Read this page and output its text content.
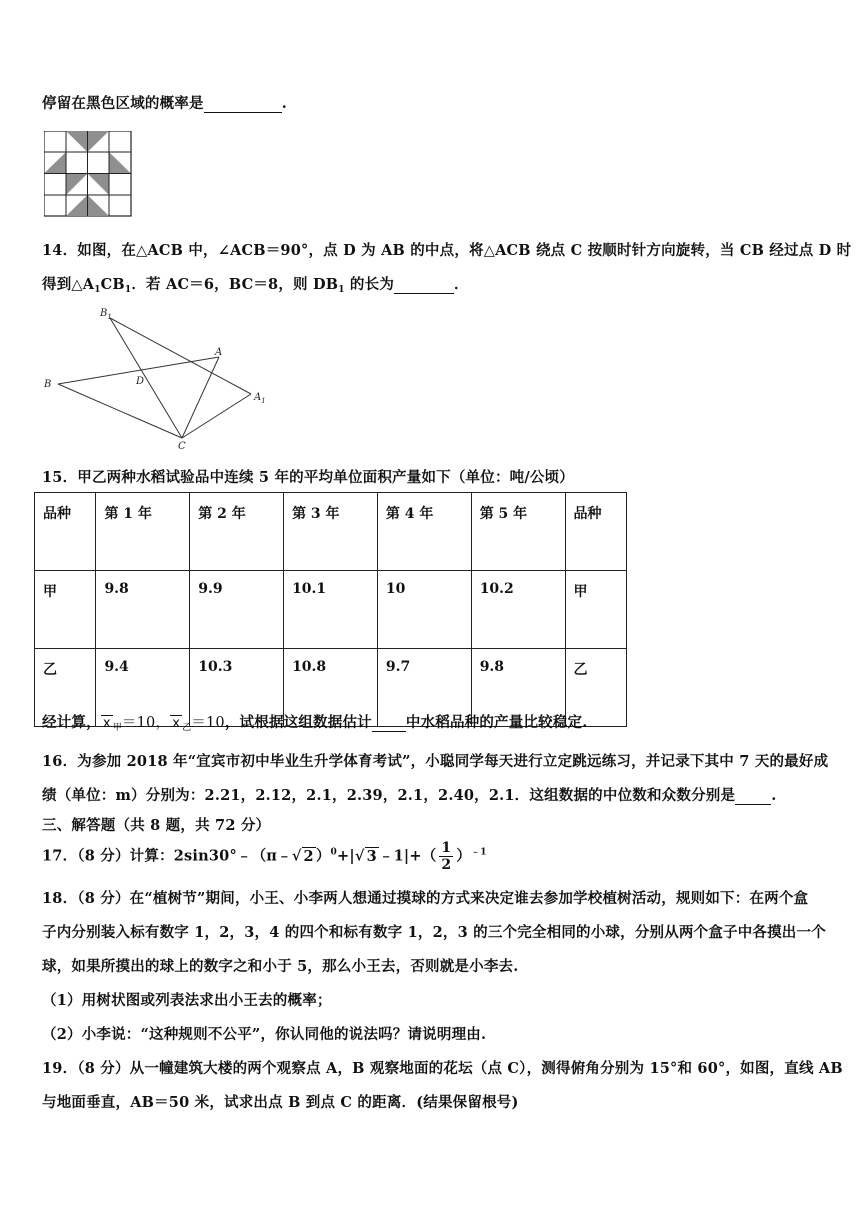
停留在黑色区域的概率是	.
14．如图，在△ACB 中，∠ACB＝90°，点 D 为 AB 的中点，将△ACB 绕点 C 按顺时针方向旋转，当 CB 经过点 D 时
得到$\triangle A_1CB_1$．若 AC＝6，BC＝8，则 $DB_1$ 的长为	．
$B_1$
A
B	D
$A_1$
C
15．甲乙两种水稻试验品中连续 5 年的平均单位面积产量如下（单位：吨/公顷）
品种	第 1 年	第 2 年	第 3 年	第 4 年	第 5 年	品种
甲	9.8	9.9	10.1	10	10.2	甲
乙	9.4	10.3	10.8	9.7	9.8	乙
经计算， x $_甲$＝10， x $_乙$＝10，试根据这组数据估计 中水稻品种的产量比较稳定.
16．为参加 2018 年“宜宾市初中毕业生升学体育考试”，小聪同学每天进行立定跳远练习，并记录下其中 7 天的最好成
绩（单位：m）分别为：2.21，2.12，2.1，2.39，2.1，2.40，2.1．这组数据的中位数和众数分别是 .
三、解答题（共 8 题，共 72 分）
17．（8 分）计算：2sin30°﹣（π﹣√ 2 ）$^0$+|√ 3 ﹣1|+（ $\frac{1}{2} )^{﹣1}$
18．（8 分）在“植树节”期间，小王、小李两人想通过摸球的方式来决定谁去参加学校植树活动，规则如下：在两个盒
子内分别装入标有数字 1，2，3，4 的四个和标有数字 1，2，3 的三个完全相同的小球，分别从两个盒子中各摸出一个
球，如果所摸出的球上的数字之和小于 5，那么小王去，否则就是小李去.
（1）用树状图或列表法求出小王去的概率；
（2）小李说：“这种规则不公平”，你认同他的说法吗？请说明理由.
19．（8 分）从一幢建筑大楼的两个观察点 A，B 观察地面的花坛（点 C），测得俯角分别为 15°和 60°，如图，直线 AB
与地面垂直，AB＝50 米，试求出点 B 到点 C 的距离．(结果保留根号)
